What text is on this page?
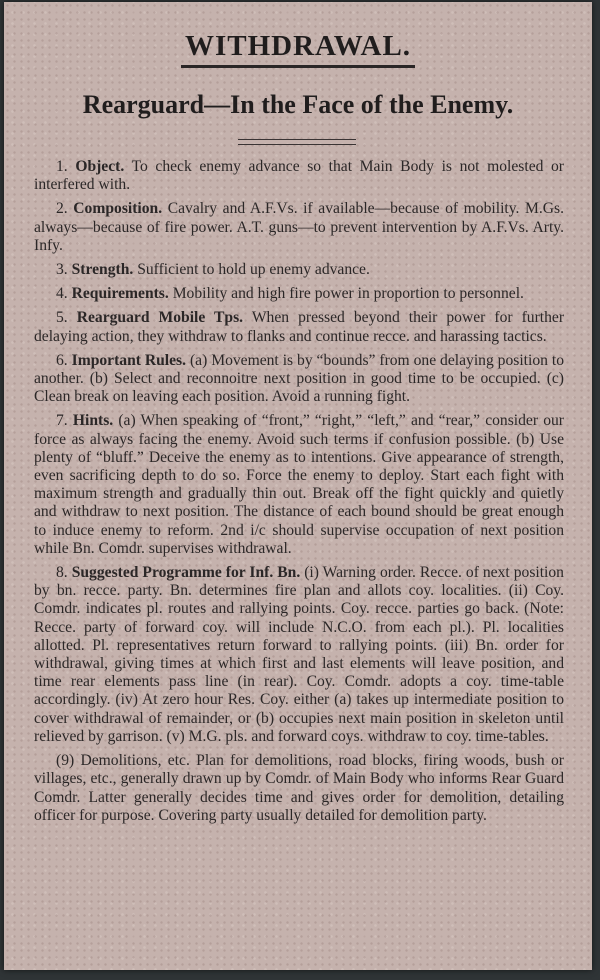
WITHDRAWAL.
Rearguard—In the Face of the Enemy.

1. Object. To check enemy advance so that Main Body is not molested or interfered with.

2. Composition. Cavalry and A.F.Vs. if available—because of mobility. M.Gs. always—because of fire power. A.T. guns—to prevent intervention by A.F.Vs. Arty. Infy.

3. Strength. Sufficient to hold up enemy advance.

4. Requirements. Mobility and high fire power in proportion to personnel.

5. Rearguard Mobile Tps. When pressed beyond their power for further delaying action, they withdraw to flanks and continue recce. and harassing tactics.

6. Important Rules. (a) Movement is by “bounds” from one delaying position to another. (b) Select and reconnoitre next position in good time to be occupied. (c) Clean break on leaving each position. Avoid a running fight.

7. Hints. (a) When speaking of “front,” “right,” “left,” and “rear,” consider our force as always facing the enemy. Avoid such terms if confusion possible. (b) Use plenty of “bluff.” Deceive the enemy as to intentions. Give appearance of strength, even sacrificing depth to do so. Force the enemy to deploy. Start each fight with maximum strength and gradually thin out. Break off the fight quickly and quietly and withdraw to next position. The distance of each bound should be great enough to induce enemy to reform. 2nd i/c should supervise occupation of next position while Bn. Comdr. supervises withdrawal.

8. Suggested Programme for Inf. Bn. (i) Warning order. Recce. of next position by bn. recce. party. Bn. determines fire plan and allots coy. localities. (ii) Coy. Comdr. indicates pl. routes and rallying points. Coy. recce. parties go back. (Note: Recce. party of forward coy. will include N.C.O. from each pl.). Pl. localities allotted. Pl. representatives return forward to rallying points. (iii) Bn. order for withdrawal, giving times at which first and last elements will leave position, and time rear elements pass line (in rear). Coy. Comdr. adopts a coy. time-table accordingly. (iv) At zero hour Res. Coy. either (a) takes up intermediate position to cover withdrawal of remainder, or (b) occupies next main position in skeleton until relieved by garrison. (v) M.G. pls. and forward coys. withdraw to coy. time-tables.

(9) Demolitions, etc. Plan for demolitions, road blocks, firing woods, bush or villages, etc., generally drawn up by Comdr. of Main Body who informs Rear Guard Comdr. Latter generally decides time and gives order for demolition, detailing officer for purpose. Covering party usually detailed for demolition party.
